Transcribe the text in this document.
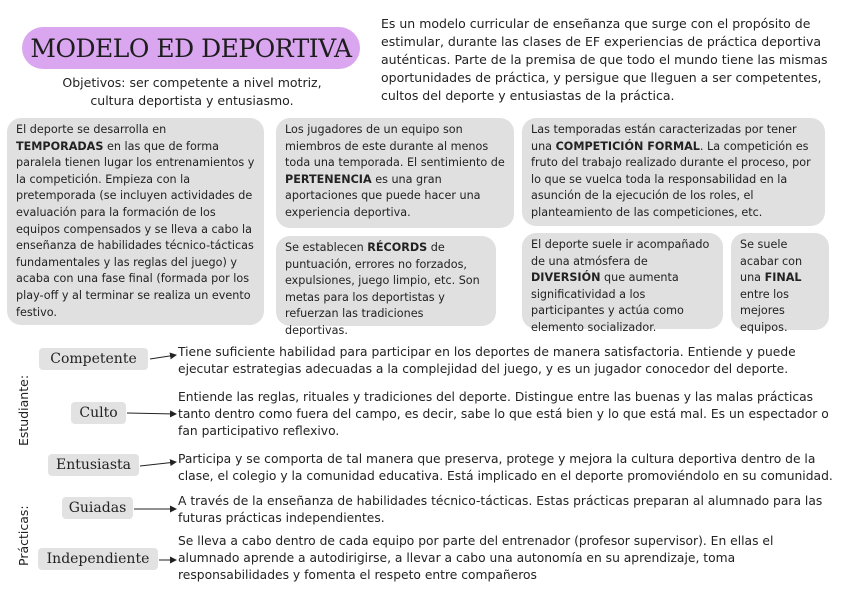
MODELO ED DEPORTIVA
Objetivos: ser competente a nivel motriz, cultura deportista y entusiasmo.
Es un modelo curricular de enseñanza que surge con el propósito de estimular, durante las clases de EF experiencias de práctica deportiva auténticas. Parte de la premisa de que todo el mundo tiene las mismas oportunidades de práctica, y persigue que lleguen a ser competentes, cultos del deporte y entusiastas de la práctica.
El deporte se desarrolla en TEMPORADAS en las que de forma paralela tienen lugar los entrenamientos y la competición. Empieza con la pretemporada (se incluyen actividades de evaluación para la formación de los equipos compensados y se lleva a cabo la enseñanza de habilidades técnico-tácticas fundamentales y las reglas del juego) y acaba con una fase final (formada por los play-off y al terminar se realiza un evento festivo.
Los jugadores de un equipo son miembros de este durante al menos toda una temporada. El sentimiento de PERTENENCIA es una gran aportaciones que puede hacer una experiencia deportiva.
Las temporadas están caracterizadas por tener una COMPETICIÓN FORMAL. La competición es fruto del trabajo realizado durante el proceso, por lo que se vuelca toda la responsabilidad en la asunción de la ejecución de los roles, el planteamiento de las competiciones, etc.
Se establecen RÉCORDS de puntuación, errores no forzados, expulsiones, juego limpio, etc. Son metas para los deportistas y refuerzan las tradiciones deportivas.
El deporte suele ir acompañado de una atmósfera de DIVERSIÓN que aumenta significatividad a los participantes y actúa como elemento socializador.
Se suele acabar con una FINAL entre los mejores equipos.
Estudiante:
Prácticas:
Competente
Culto
Entusiasta
Guiadas
Independiente
Tiene suficiente habilidad para participar en los deportes de manera satisfactoria. Entiende y puede ejecutar estrategias adecuadas a la complejidad del juego, y es un jugador conocedor del deporte.
Entiende las reglas, rituales y tradiciones del deporte. Distingue entre las buenas y las malas prácticas tanto dentro como fuera del campo, es decir, sabe lo que está bien y lo que está mal. Es un espectador o fan participativo reflexivo.
Participa y se comporta de tal manera que preserva, protege y mejora la cultura deportiva dentro de la clase, el colegio y la comunidad educativa. Está implicado en el deporte promoviéndolo en su comunidad.
A través de la enseñanza de habilidades técnico-tácticas. Estas prácticas preparan al alumnado para las futuras prácticas independientes.
Se lleva a cabo dentro de cada equipo por parte del entrenador (profesor supervisor). En ellas el alumnado aprende a autodirigirse, a llevar a cabo una autonomía en su aprendizaje, toma responsabilidades y fomenta el respeto entre compañeros
